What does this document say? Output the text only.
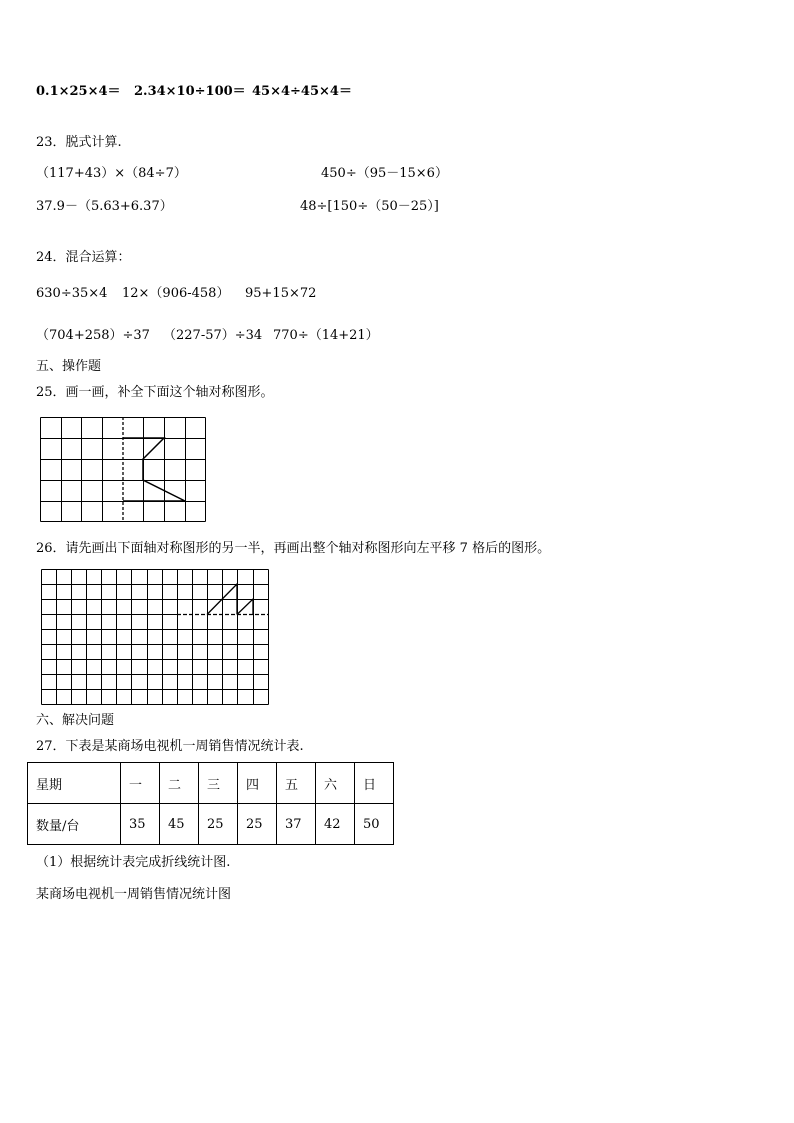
0.1×25×4＝ 2.34×10÷100＝ 45×4÷45×4＝
23．脱式计算.
（117+43）×（84÷7）	450÷（95－15×6）
37.9－（5.63+6.37）	48÷[150÷（50－25）]
24．混合运算：
630÷35×4 12×（906-458） 95+15×72
（704+258）÷37 （227-57）÷34 770÷（14+21）
五、操作题
25．画一画，补全下面这个轴对称图形。
26．请先画出下面轴对称图形的另一半，再画出整个轴对称图形向左平移 7 格后的图形。
六、解决问题
27．下表是某商场电视机一周销售情况统计表.
星期	一	二	三	四	五	六	日
数量/台	35	45	25	25	37	42	50
（1）根据统计表完成折线统计图.
某商场电视机一周销售情况统计图
